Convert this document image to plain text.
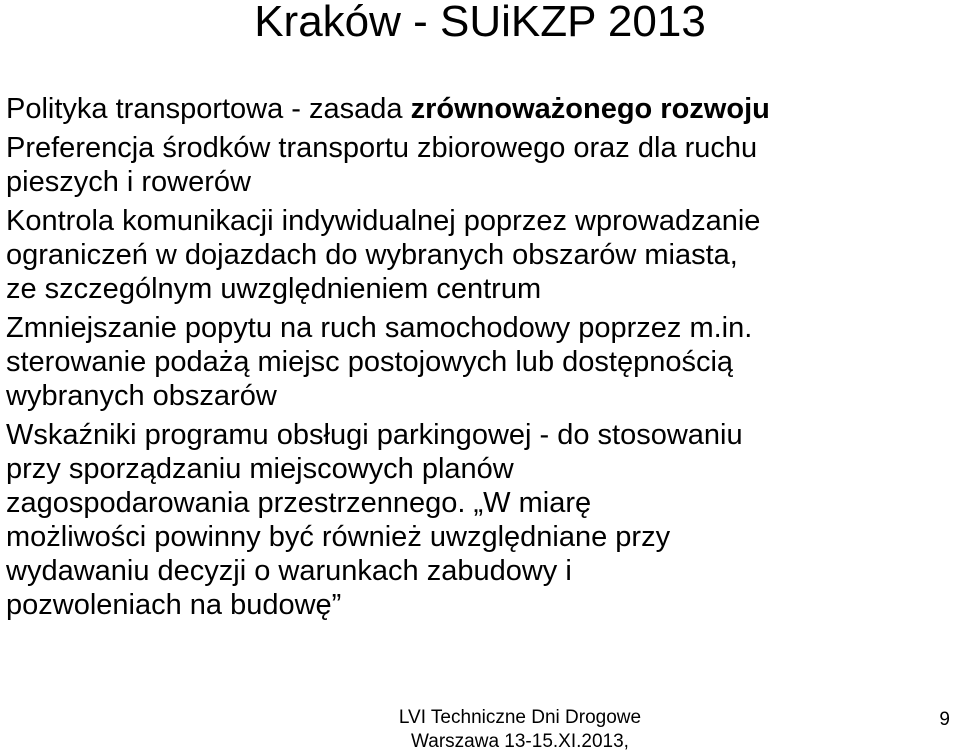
Kraków - SUiKZP 2013
Polityka transportowa - zasada zrównoważonego rozwoju
Preferencja środków transportu zbiorowego oraz dla ruchu
pieszych i rowerów
Kontrola komunikacji indywidualnej poprzez wprowadzanie
ograniczeń w dojazdach do wybranych obszarów miasta,
ze szczególnym uwzględnieniem centrum
Zmniejszanie popytu na ruch samochodowy poprzez m.in.
sterowanie podażą miejsc postojowych lub dostępnością
wybranych obszarów
Wskaźniki programu obsługi parkingowej - do stosowaniu
przy sporządzaniu miejscowych planów
zagospodarowania przestrzennego. „W miarę
możliwości powinny być również uwzględniane przy
wydawaniu decyzji o warunkach zabudowy i
pozwoleniach na budowę”
LVI Techniczne Dni Drogowe
Warszawa 13-15.XI.2013,
9
